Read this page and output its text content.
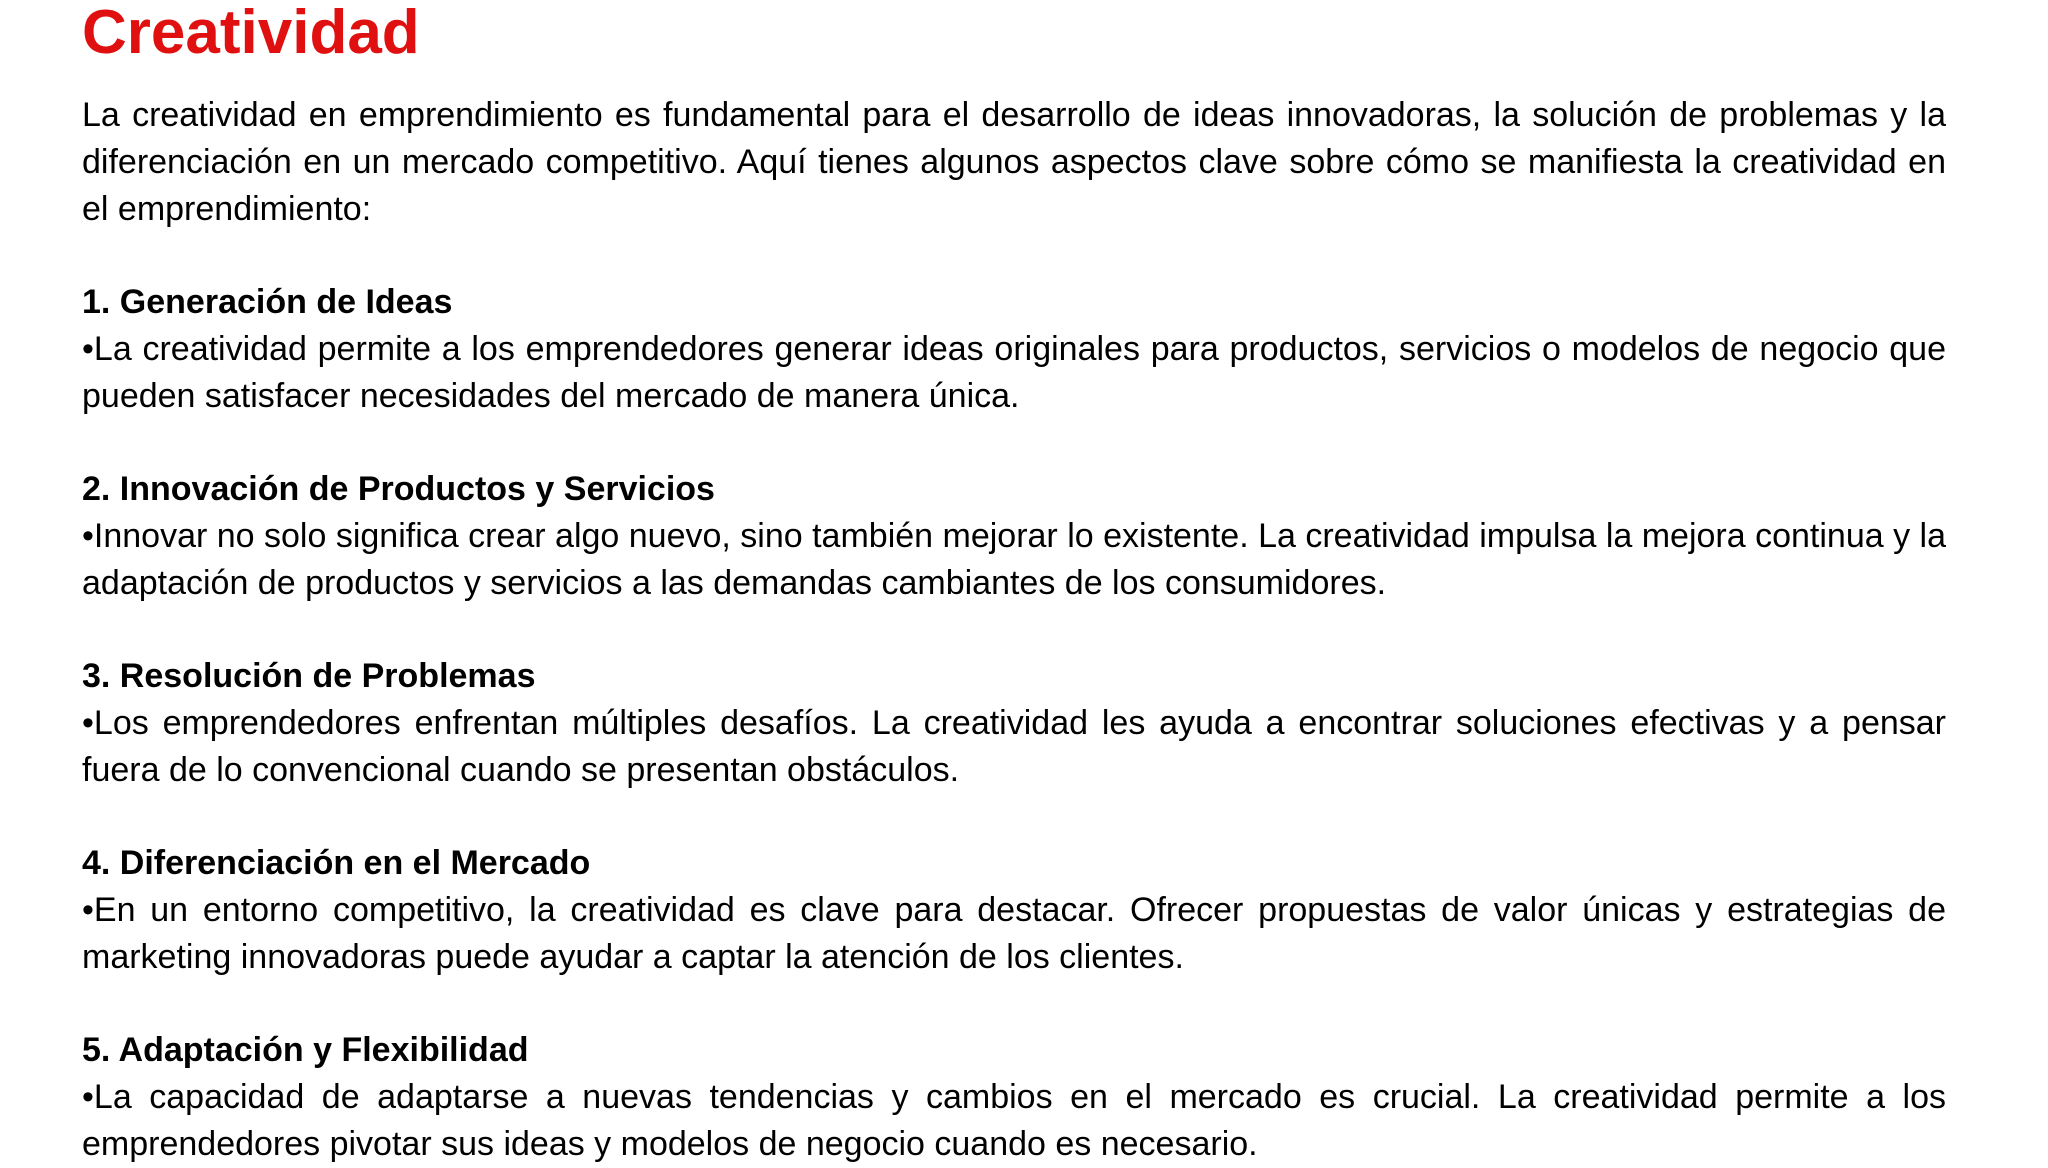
Creatividad

La creatividad en emprendimiento es fundamental para el desarrollo de ideas innovadoras, la solución de problemas y la diferenciación en un mercado competitivo. Aquí tienes algunos aspectos clave sobre cómo se manifiesta la creatividad en el emprendimiento:

1. Generación de Ideas

•La creatividad permite a los emprendedores generar ideas originales para productos, servicios o modelos de negocio que pueden satisfacer necesidades del mercado de manera única.

2. Innovación de Productos y Servicios

•Innovar no solo significa crear algo nuevo, sino también mejorar lo existente. La creatividad impulsa la mejora continua y la adaptación de productos y servicios a las demandas cambiantes de los consumidores.

3. Resolución de Problemas

•Los emprendedores enfrentan múltiples desafíos. La creatividad les ayuda a encontrar soluciones efectivas y a pensar fuera de lo convencional cuando se presentan obstáculos.

4. Diferenciación en el Mercado

•En un entorno competitivo, la creatividad es clave para destacar. Ofrecer propuestas de valor únicas y estrategias de marketing innovadoras puede ayudar a captar la atención de los clientes.

5. Adaptación y Flexibilidad

•La capacidad de adaptarse a nuevas tendencias y cambios en el mercado es crucial. La creatividad permite a los emprendedores pivotar sus ideas y modelos de negocio cuando es necesario.
